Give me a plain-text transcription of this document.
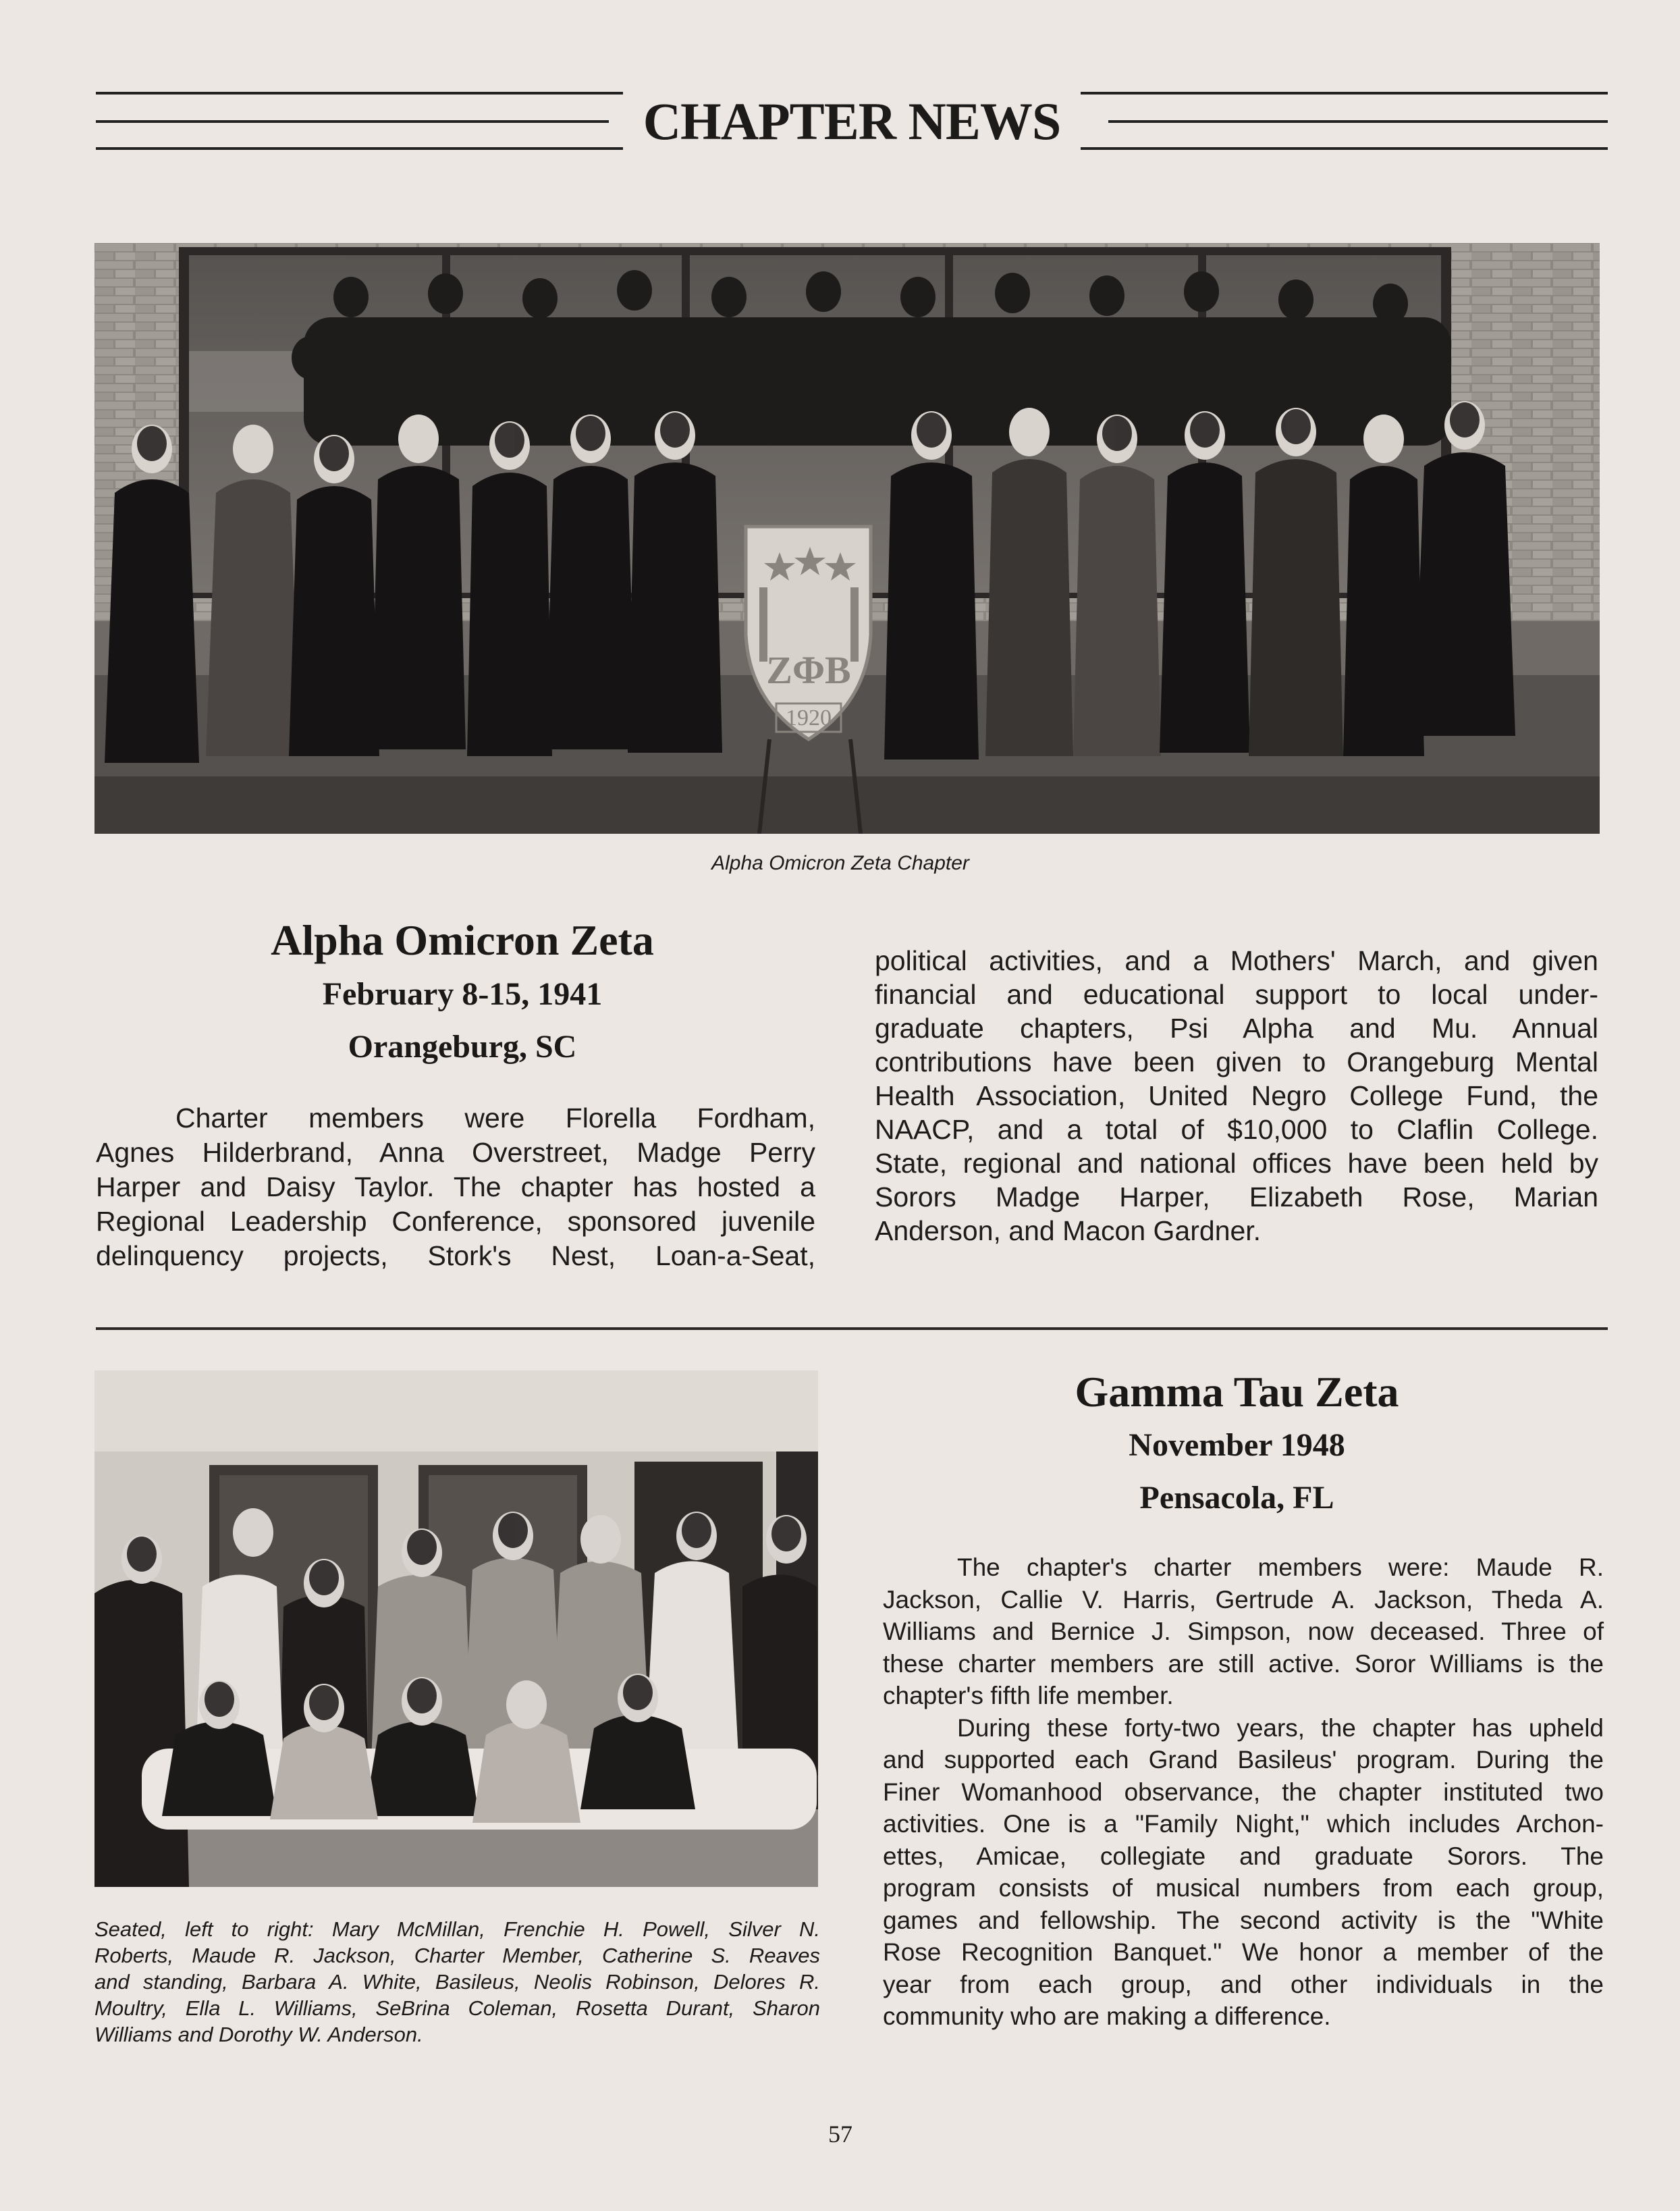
CHAPTER NEWS
ZΦB
1920
Alpha Omicron Zeta Chapter
Alpha Omicron Zeta
February 8-15, 1941
Orangeburg, SC
Charter members were Florella Fordham,
Agnes Hilderbrand, Anna Overstreet, Madge Perry
Harper and Daisy Taylor. The chapter has hosted a
Regional Leadership Conference, sponsored juvenile
delinquency projects, Stork's Nest, Loan-a-Seat,
political activities, and a Mothers' March, and given
financial and educational support to local under-
graduate chapters, Psi Alpha and Mu. Annual
contributions have been given to Orangeburg Mental
Health Association, United Negro College Fund, the
NAACP, and a total of $10,000 to Claflin College.
State, regional and national offices have been held by
Sorors Madge Harper, Elizabeth Rose, Marian
Anderson, and Macon Gardner.
Seated, left to right: Mary McMillan, Frenchie H. Powell, Silver N.
Roberts, Maude R. Jackson, Charter Member, Catherine S. Reaves
and standing, Barbara A. White, Basileus, Neolis Robinson, Delores R.
Moultry, Ella L. Williams, SeBrina Coleman, Rosetta Durant, Sharon
Williams and Dorothy W. Anderson.
Gamma Tau Zeta
November 1948
Pensacola, FL
The chapter's charter members were: Maude R.
Jackson, Callie V. Harris, Gertrude A. Jackson, Theda A.
Williams and Bernice J. Simpson, now deceased. Three of
these charter members are still active. Soror Williams is the
chapter's fifth life member.
During these forty-two years, the chapter has upheld
and supported each Grand Basileus' program. During the
Finer Womanhood observance, the chapter instituted two
activities. One is a "Family Night," which includes Archon-
ettes, Amicae, collegiate and graduate Sorors. The
program consists of musical numbers from each group,
games and fellowship. The second activity is the "White
Rose Recognition Banquet." We honor a member of the
year from each group, and other individuals in the
community who are making a difference.
57
